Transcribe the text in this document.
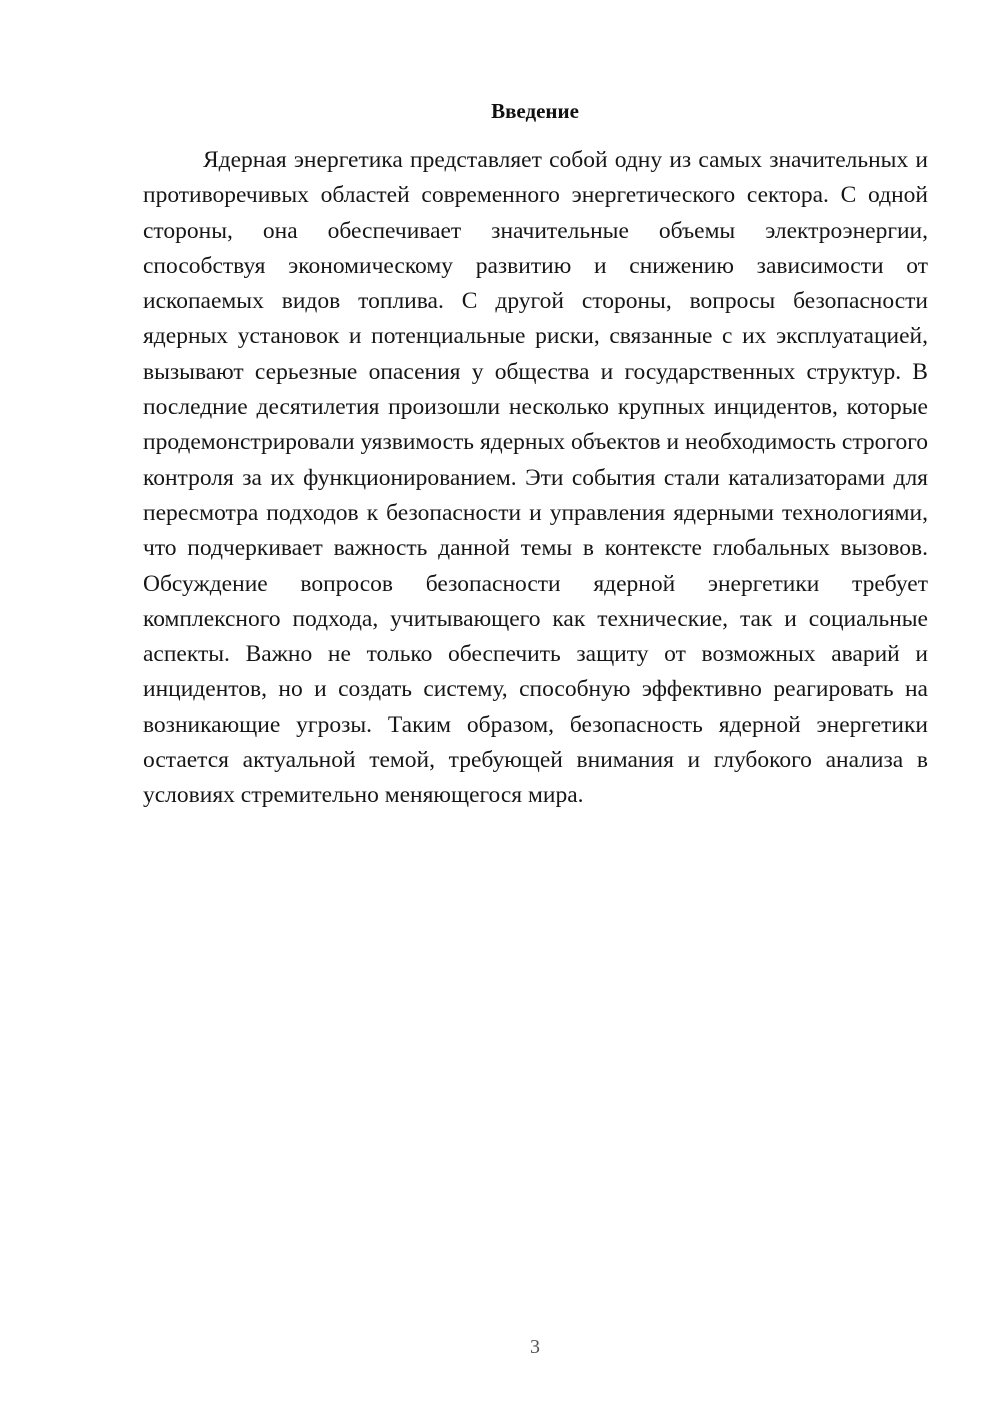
Введение

Ядерная энергетика представляет собой одну из самых значительных и противоречивых областей современного энергетического сектора. С одной стороны, она обеспечивает значительные объемы электроэнергии, способствуя экономическому развитию и снижению зависимости от ископаемых видов топлива. С другой стороны, вопросы безопасности ядерных установок и потенциальные риски, связанные с их эксплуатацией, вызывают серьезные опасения у общества и государственных структур. В последние десятилетия произошли несколько крупных инцидентов, которые продемонстрировали уязвимость ядерных объектов и необходимость строгого контроля за их функционированием. Эти события стали катализаторами для пересмотра подходов к безопасности и управления ядерными технологиями, что подчеркивает важность данной темы в контексте глобальных вызовов. Обсуждение вопросов безопасности ядерной энергетики требует комплексного подхода, учитывающего как технические, так и социальные аспекты. Важно не только обеспечить защиту от возможных аварий и инцидентов, но и создать систему, способную эффективно реагировать на возникающие угрозы. Таким образом, безопасность ядерной энергетики остается актуальной темой, требующей внимания и глубокого анализа в условиях стремительно меняющегося мира.

3
